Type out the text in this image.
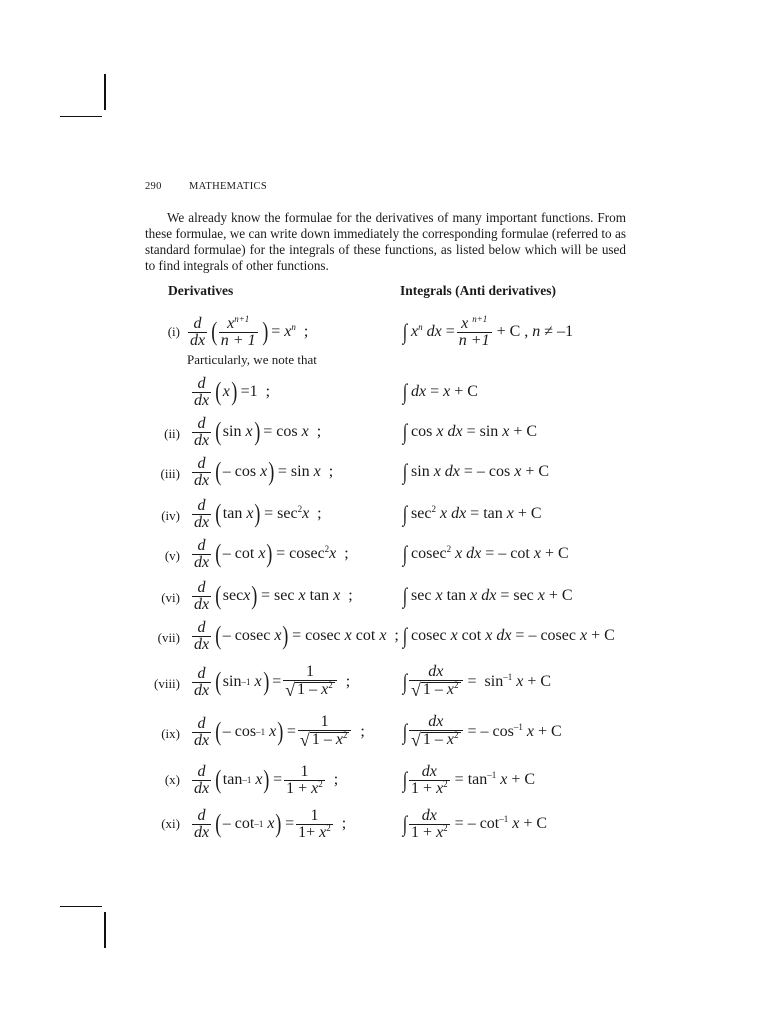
290	MATHEMATICS

We already know the formulae for the derivatives of many important functions. From these formulae, we can write down immediately the corresponding formulae (referred to as standard formulae) for the integrals of these functions, as listed below which will be used to find integrals of other functions.

Derivatives	Integrals (Anti derivatives)
$(i) \frac{d}{dx}$ ( $\frac{x^{n+1}}{n + 1}$ ) = $x^n$  ;	∫ $x^n$ dx = $\frac{x ^{n+1}}{n +1} + C$ , n ≠ –1
Particularly, we note that
$\frac{d}{dx}$ ( x ) =1  ;	∫ dx = x + C
$(ii) \frac{d}{dx}$ ( sin x ) = cos x  ;	∫ cos x dx = sin x + C
$(iii) \frac{d}{dx}$ ( – cos x ) = sin x  ;	∫ sin x dx = – cos x + C
$(iv) \frac{d}{dx}$ ( tan x ) = $\sec^2x$  ;	∫ $\sec^2 x$ dx = tan x + C
$(v) \frac{d}{dx}$ ( – cot x ) = cosec$^2$x  ; ∫ cosec$^2$ x dx = – cot x + C
$(vi) \frac{d}{dx}$ ( sec x ) = sec x tan x  ; ∫ sec x tan x dx = sec x + C
$(vii) \frac{d}{dx}$ ( – cosec x ) = cosec x cot x  ; ∫ cosec x cot x dx = – cosec x + C
(viii) $\frac{d}{dx}$ ( sin –1 x ) = $\frac{1}{√ 1 - x^2}$ ; ∫ $\frac{dx}{√ 1 - x^2} = \sin^{-1} x + C$
$(ix) \frac{d}{dx}$ ( – cos –1 x ) = $\frac{1}{√ 1 - x^2}$ ; ∫ $\frac{dx}{√ 1 - x^2}$ = – $\cos^{-1} x + C$
$(x) \frac{d}{dx}$ ( tan –1 x ) = $\frac{1}{1 + x^2}$ ;	∫ $\frac{dx}{1 + x^2} = \tan^{-1} x + C$
$(xi) \frac{d}{dx}$ ( – cot –1 x ) = $\frac{1}{1+ x^2}$ ;	∫ $\frac{dx}{1 + x^2}$ = – $\cot^{-1} x + C$
